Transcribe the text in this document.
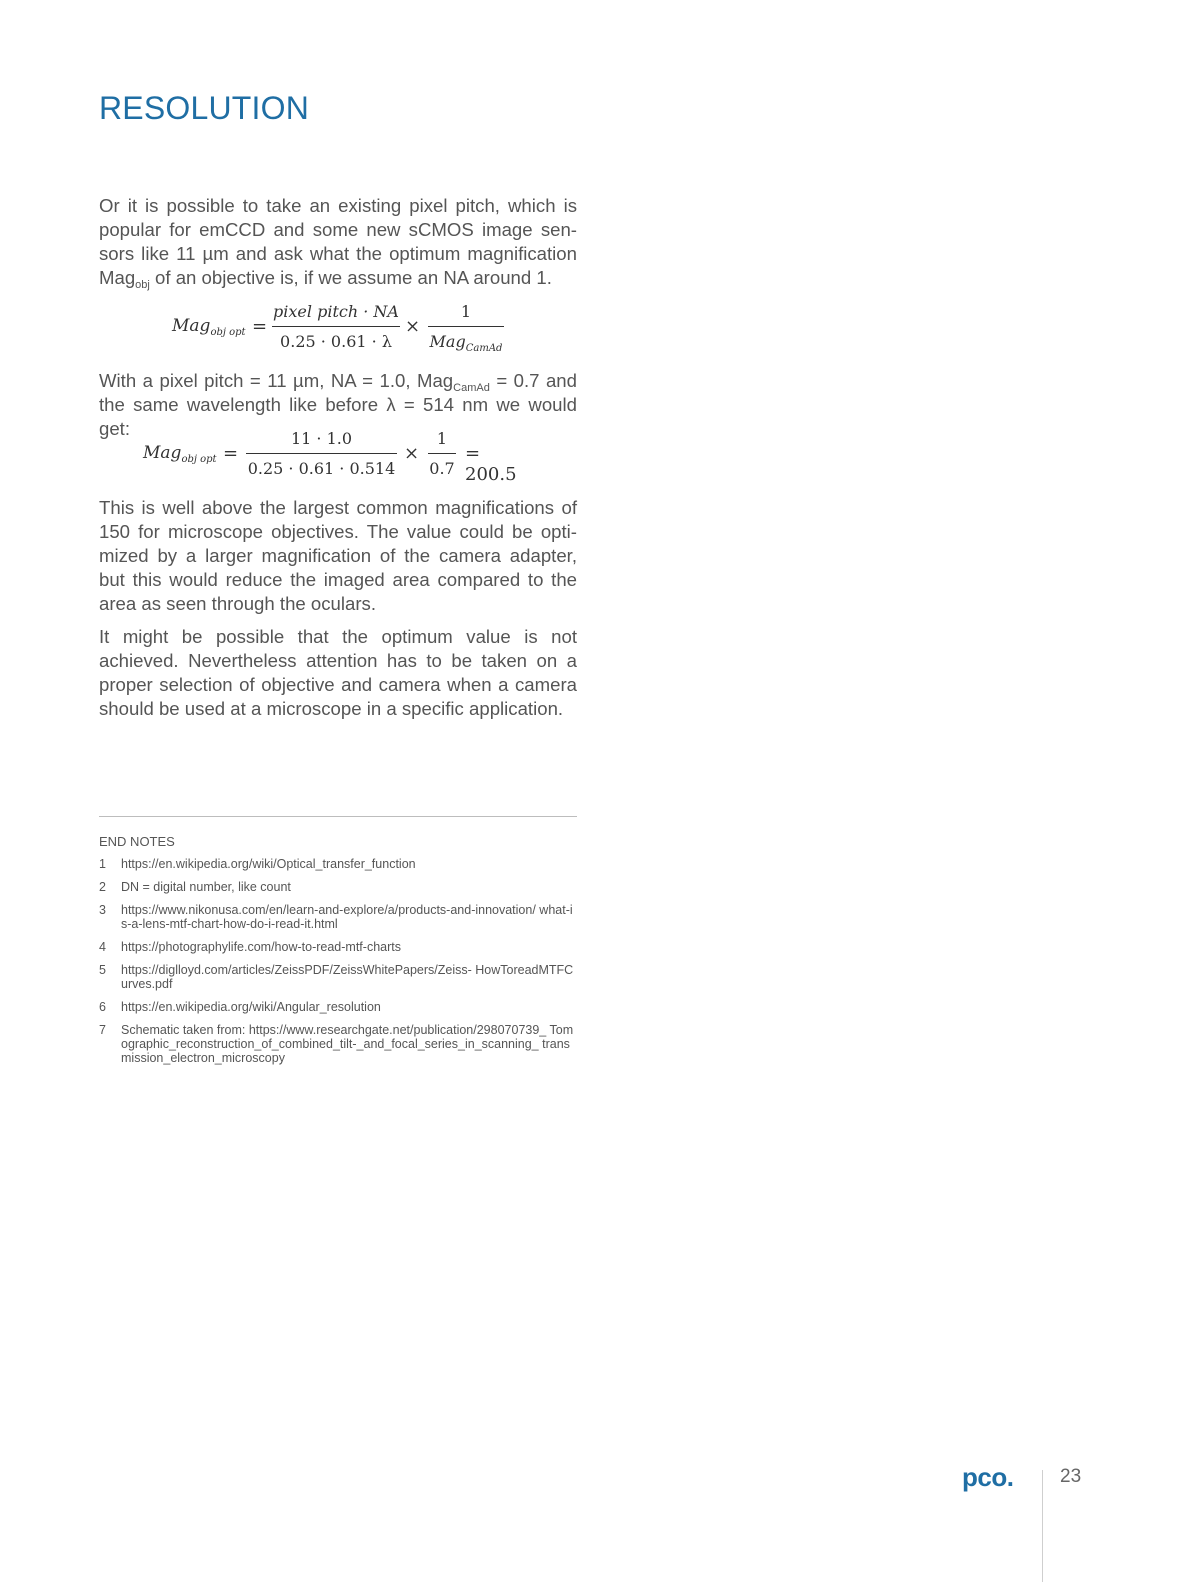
RESOLUTION

Or it is possible to take an existing pixel pitch, which is popular for emCCD and some new sCMOS image sensors like 11 µm and ask what the optimum magnification Mag$_{obj}$ of an objective is, if we assume an NA around 1.

Mag$_{obj opt}$ =
pixel pitch · NA
0.25 · 0.61 · λ
×
1
Mag$_{CamAd}$

With a pixel pitch = 11 µm, NA = 1.0, Mag$_{CamAd}$ = 0.7 and the same wavelength like before λ = 514 nm we would get:

Mag$_{obj opt}$ =
11 · 1.0
0.25 · 0.61 · 0.514
×
1
0.7
= 200.5

This is well above the largest common magnifications of 150 for microscope objectives. The value could be optimized by a larger magnification of the camera adapter, but this would reduce the imaged area compared to the area as seen through the oculars.

It might be possible that the optimum value is not achieved. Nevertheless attention has to be taken on a proper selection of objective and camera when a camera should be used at a microscope in a specific application.

END NOTES
1	https://en.wikipedia.org/wiki/Optical_transfer_function
2	DN = digital number, like count
3	https://www.nikonusa.com/en/learn-and-explore/a/products-and-innovation/ what-is-a-lens-mtf-chart-how-do-i-read-it.html
4	https://photographylife.com/how-to-read-mtf-charts
5	https://diglloyd.com/articles/ZeissPDF/ZeissWhitePapers/Zeiss- HowToreadMTFCurves.pdf
6	https://en.wikipedia.org/wiki/Angular_resolution
7	Schematic taken from: https://www.researchgate.net/publication/298070739_ Tomographic_reconstruction_of_combined_tilt-_and_focal_series_in_scanning_ transmission_electron_microscopy
pco. 23
